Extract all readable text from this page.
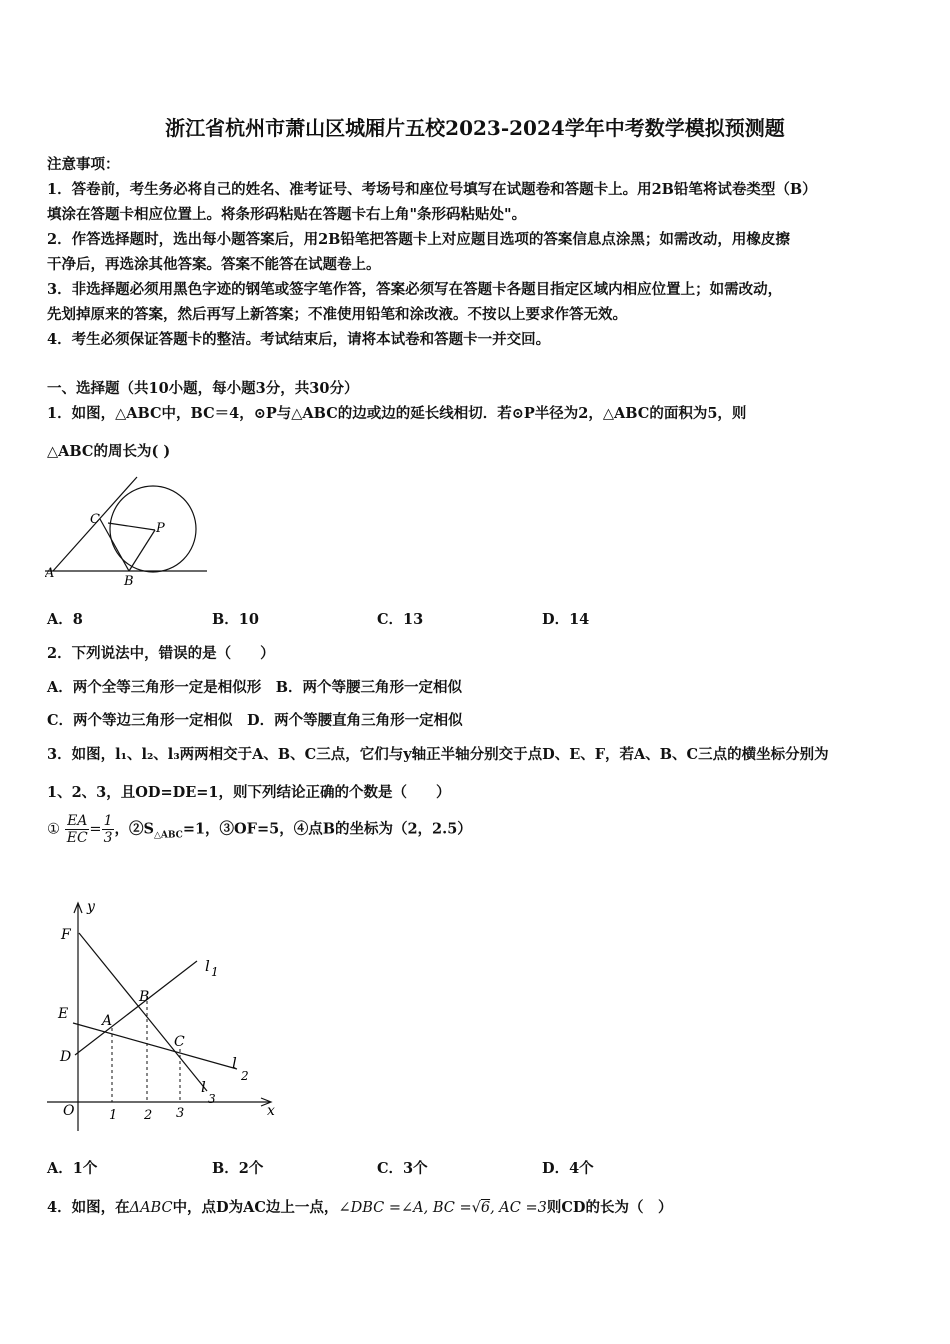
浙江省杭州市萧山区城厢片五校2023-2024学年中考数学模拟预测题
注意事项：
1．答卷前，考生务必将自己的姓名、准考证号、考场号和座位号填写在试题卷和答题卡上。用2B铅笔将试卷类型（B）
填涂在答题卡相应位置上。将条形码粘贴在答题卡右上角"条形码粘贴处"。
2．作答选择题时，选出每小题答案后，用2B铅笔把答题卡上对应题目选项的答案信息点涂黑；如需改动，用橡皮擦
干净后，再选涂其他答案。答案不能答在试题卷上。
3．非选择题必须用黑色字迹的钢笔或签字笔作答，答案必须写在答题卡各题目指定区域内相应位置上；如需改动，
先划掉原来的答案，然后再写上新答案；不准使用铅笔和涂改液。不按以上要求作答无效。
4．考生必须保证答题卡的整洁。考试结束后，请将本试卷和答题卡一并交回。
一、选择题（共10小题，每小题3分，共30分）
1．如图，△ABC中，BC＝4，⊙P与△ABC的边或边的延长线相切．若⊙P半径为2，△ABC的面积为5，则
△ABC的周长为( )
A
B
C
P
A．8	B．10	C．13	D．14
2．下列说法中，错误的是（　　）
A．两个全等三角形一定是相似形　B．两个等腰三角形一定相似
C．两个等边三角形一定相似　D．两个等腰直角三角形一定相似
3．如图，l₁、l₂、l₃两两相交于A、B、C三点，它们与y轴正半轴分别交于点D、E、F，若A、B、C三点的横坐标分别为
1、2、3，且OD=DE=1，则下列结论正确的个数是（　　）
① $\frac{EA}{EC} = \frac{1}{3}$ ，$②S_{\triangle ABC}=1$，③OF=5，④点B的坐标为（2，2.5）
y
x
O
F
E
D
A
B
C
l 1
l
2
l
3
1 2 3
A．1个	B．2个	C．3个	D．4个
4．如图，在ΔABC中，点D为AC边上一点，∠DBC =∠A, BC =√6, AC =3则CD的长为（　）
